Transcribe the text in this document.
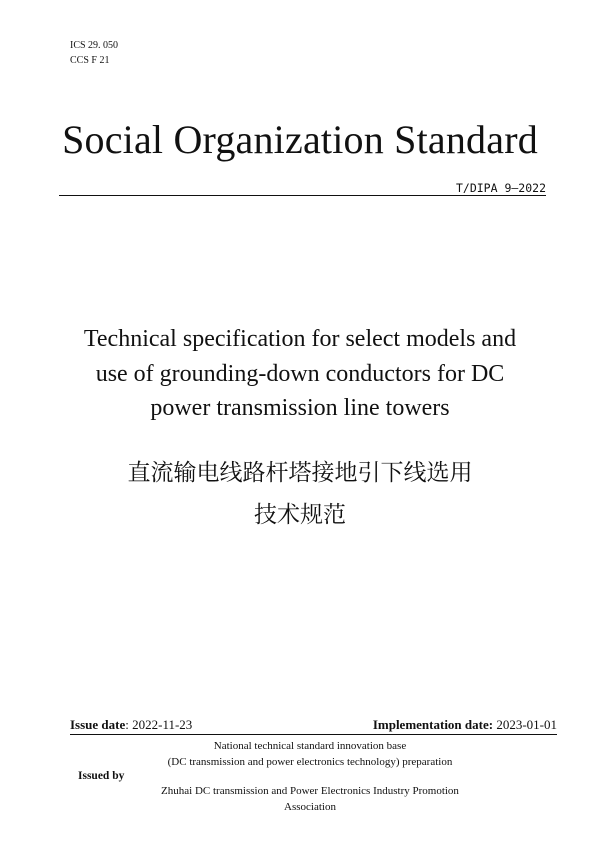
ICS 29. 050
CCS F 21
Social Organization Standard
T/DIPA 9—2022
Technical specification for select models and
use of grounding-down conductors for DC
power transmission line towers
直流输电线路杆塔接地引下线选用
技术规范
Issue date: 2022-11-23	Implementation date: 2023-01-01
National technical standard innovation base
(DC transmission and power electronics technology) preparation
Issued by
Zhuhai DC transmission and Power Electronics Industry Promotion
Association
